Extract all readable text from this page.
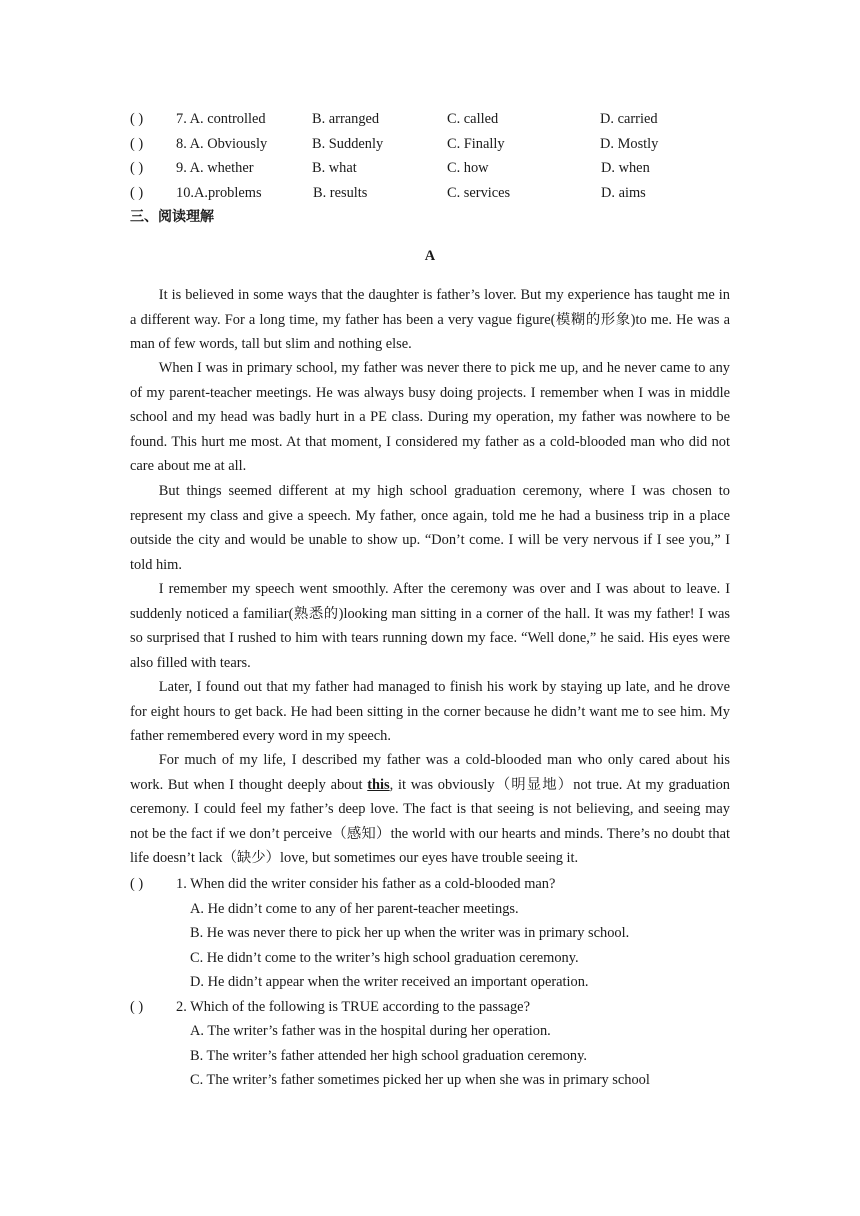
( ) 7. A. controlled	B. arranged	C. called	D. carried
( ) 8. A. Obviously	B. Suddenly	C. Finally	D. Mostly
( ) 9. A. whether	B. what	C. how	D. when
( ) 10.A.problems	B. results	C. services	D. aims
三、阅读理解
A

It is believed in some ways that the daughter is father’s lover. But my experience has taught me in a different way. For a long time, my father has been a very vague figure(模糊的形象)to me. He was a man of few words, tall but slim and nothing else.

When I was in primary school, my father was never there to pick me up, and he never came to any of my parent-teacher meetings. He was always busy doing projects. I remember when I was in middle school and my head was badly hurt in a PE class. During my operation, my father was nowhere to be found. This hurt me most. At that moment, I considered my father as a cold-blooded man who did not care about me at all.

But things seemed different at my high school graduation ceremony, where I was chosen to represent my class and give a speech. My father, once again, told me he had a business trip in a place outside the city and would be unable to show up. “Don’t come. I will be very nervous if I see you,” I told him.

I remember my speech went smoothly. After the ceremony was over and I was about to leave. I suddenly noticed a familiar(熟悉的)looking man sitting in a corner of the hall. It was my father! I was so surprised that I rushed to him with tears running down my face. “Well done,” he said. His eyes were also filled with tears.

Later, I found out that my father had managed to finish his work by staying up late, and he drove for eight hours to get back. He had been sitting in the corner because he didn’t want me to see him. My father remembered every word in my speech.

For much of my life, I described my father was a cold-blooded man who only cared about his work. But when I thought deeply about this, it was obviously（明显地）not true. At my graduation ceremony. I could feel my father’s deep love. The fact is that seeing is not believing, and seeing may not be the fact if we don’t perceive（感知）the world with our hearts and minds. There’s no doubt that life doesn’t lack（缺少）love, but sometimes our eyes have trouble seeing it.

( ) 1. When did the writer consider his father as a cold-blooded man?
A. He didn’t come to any of her parent-teacher meetings.
B. He was never there to pick her up when the writer was in primary school.
C. He didn’t come to the writer’s high school graduation ceremony.
D. He didn’t appear when the writer received an important operation.
( ) 2. Which of the following is TRUE according to the passage?
A. The writer’s father was in the hospital during her operation.
B. The writer’s father attended her high school graduation ceremony.
C. The writer’s father sometimes picked her up when she was in primary school
